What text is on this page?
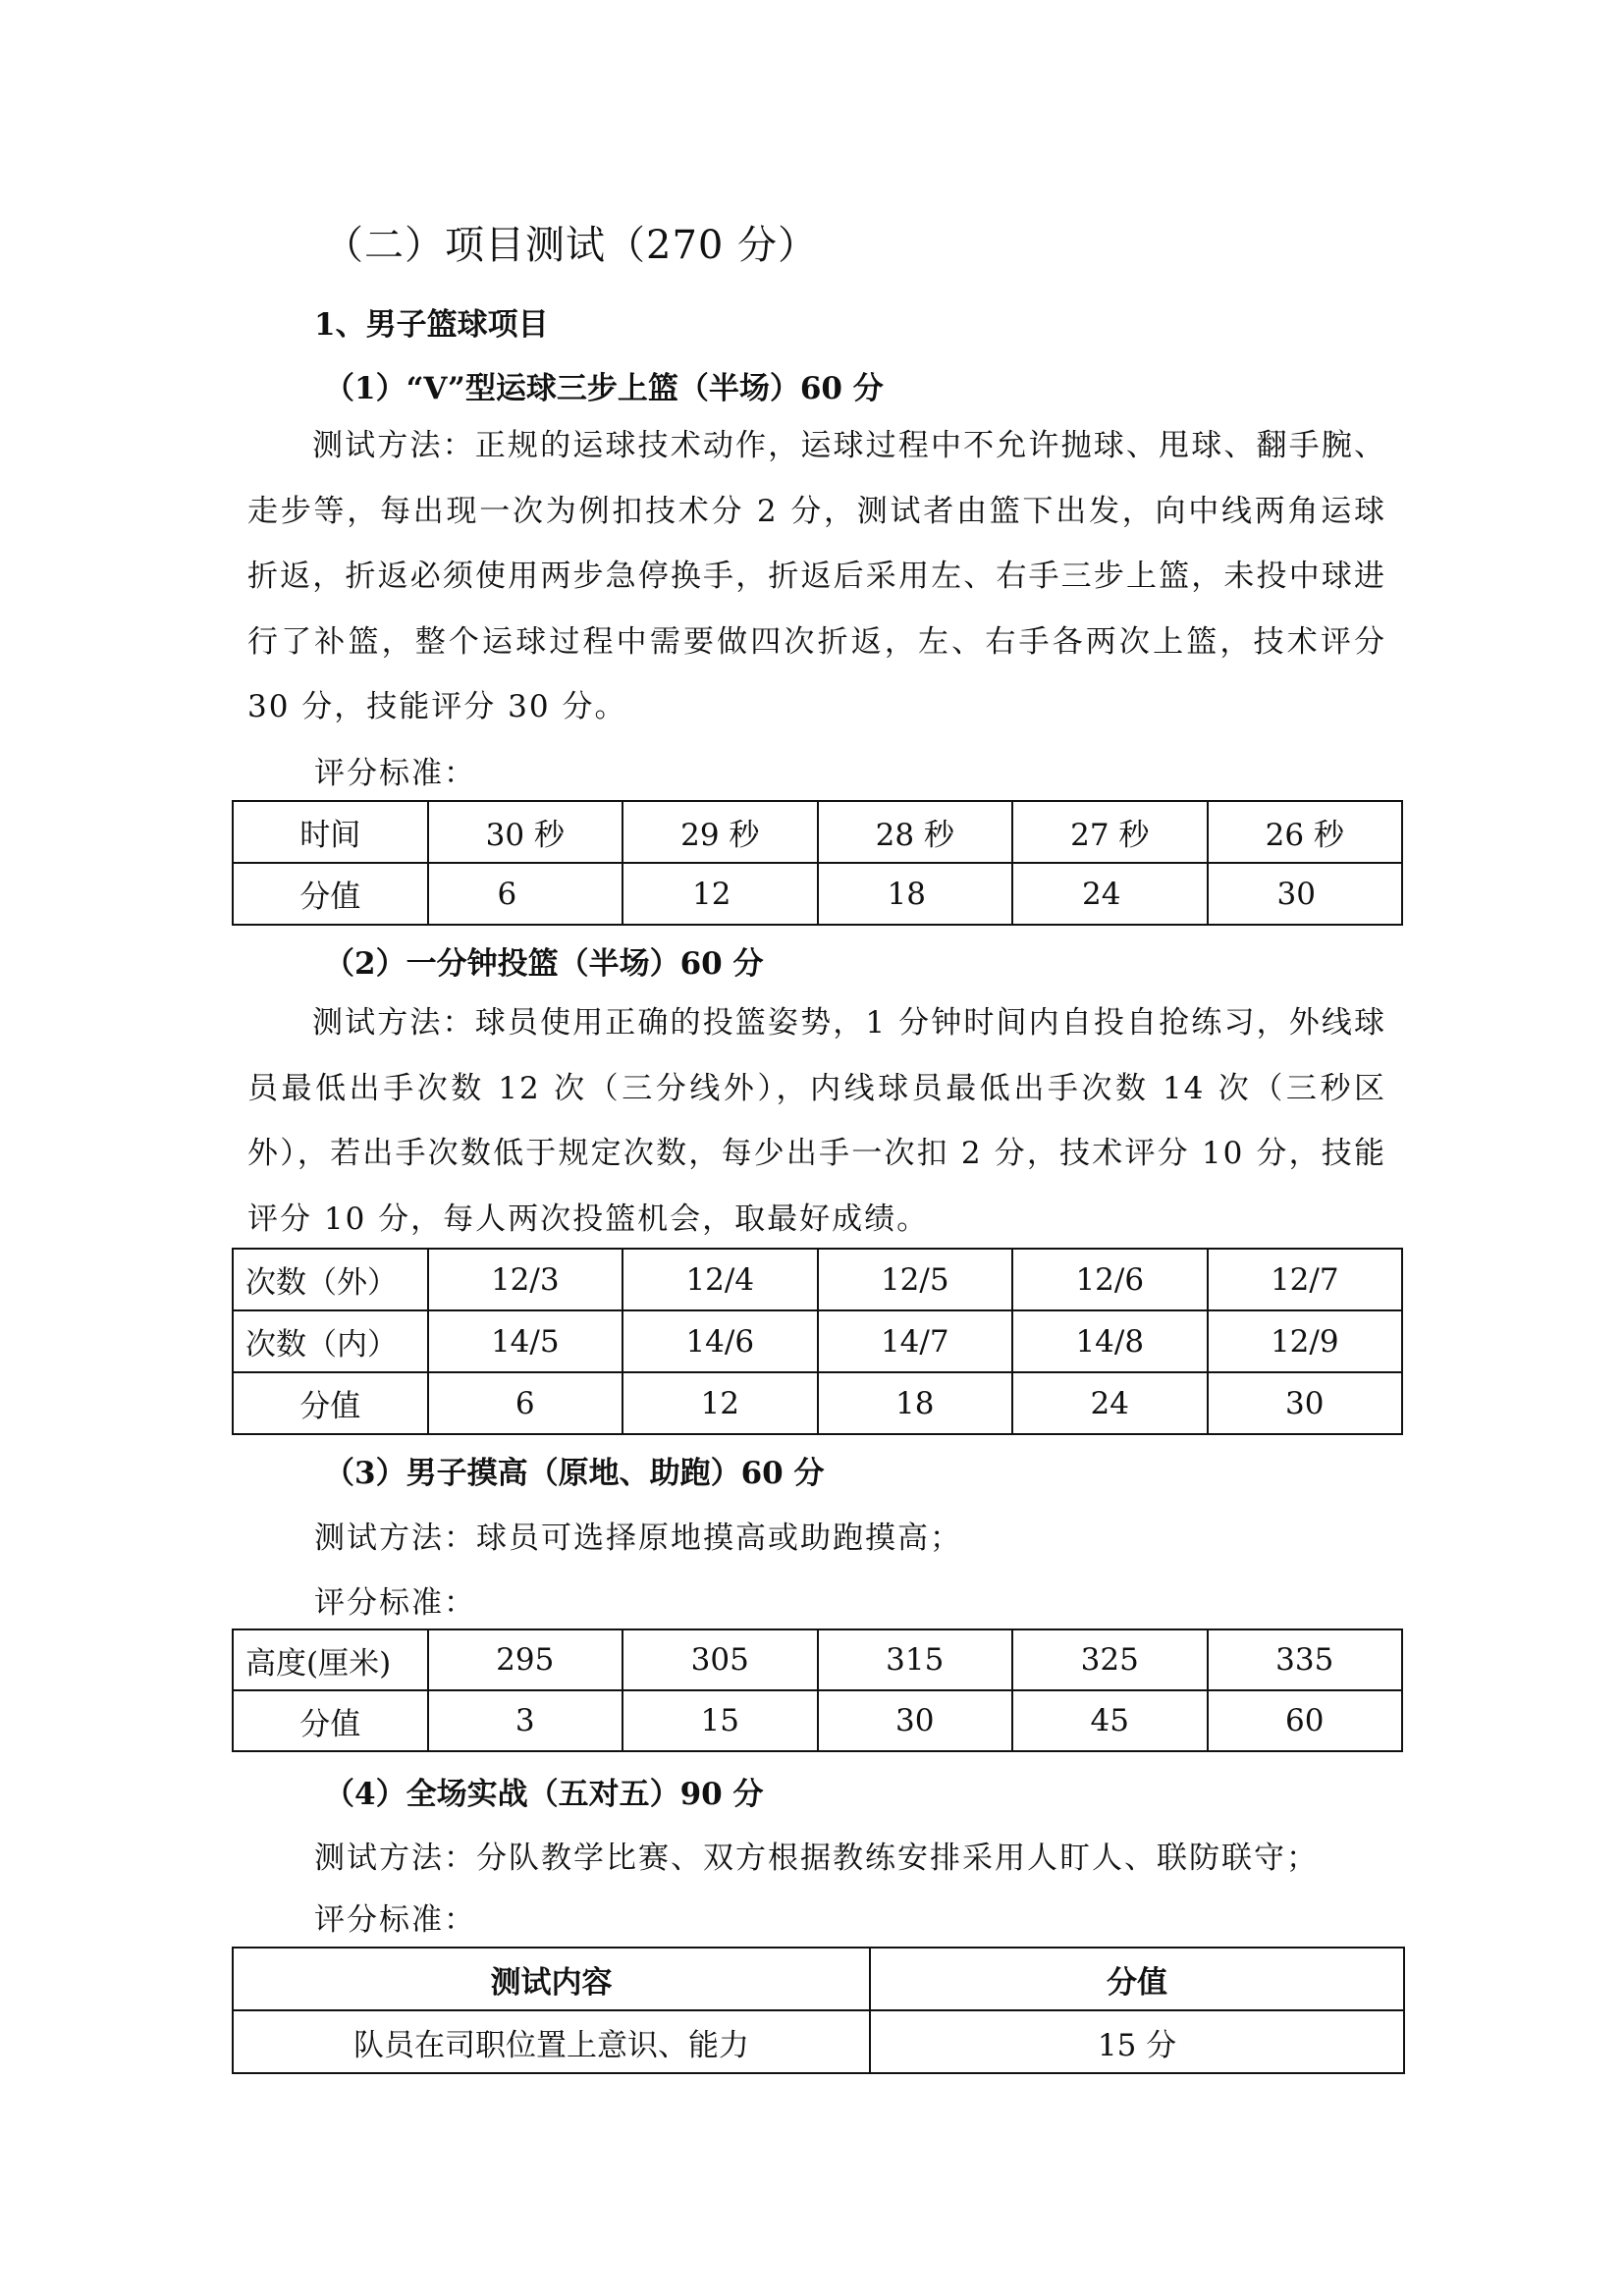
（二）项目测试（270 分）
1、男子篮球项目
（1）“V”型运球三步上篮（半场）60 分

测试方法：正规的运球技术动作，运球过程中不允许抛球、甩球、翻手腕、走步等，每出现一次为例扣技术分 2 分，测试者由篮下出发，向中线两角运球折返，折返必须使用两步急停换手，折返后采用左、右手三步上篮，未投中球进行了补篮，整个运球过程中需要做四次折返，左、右手各两次上篮，技术评分 30 分，技能评分 30 分。

评分标准：
时间	30 秒	29 秒	28 秒	27 秒	26 秒
分值	6	12	18	24	30
（2）一分钟投篮（半场）60 分

测试方法：球员使用正确的投篮姿势，1 分钟时间内自投自抢练习，外线球员最低出手次数 12 次（三分线外），内线球员最低出手次数 14 次（三秒区外），若出手次数低于规定次数，每少出手一次扣 2 分，技术评分 10 分，技能评分 10 分，每人两次投篮机会，取最好成绩。

次数（外）	12/3	12/4	12/5	12/6	12/7
次数（内）	14/5	14/6	14/7	14/8	12/9
分值	6	12	18	24	30
（3）男子摸高（原地、助跑）60 分
测试方法：球员可选择原地摸高或助跑摸高；
评分标准：
高度(厘米)	295	305	315	325	335
分值	3	15	30	45	60
（4）全场实战（五对五）90 分
测试方法：分队教学比赛、双方根据教练安排采用人盯人、联防联守；
评分标准：
测试内容	分值
队员在司职位置上意识、能力	15 分
